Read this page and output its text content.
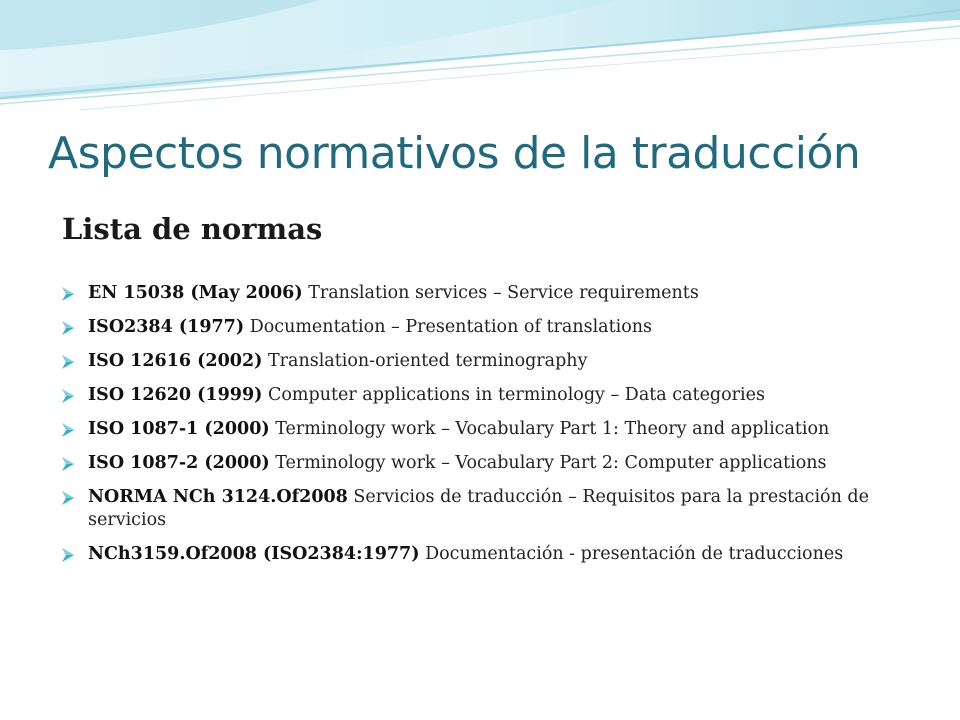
Aspectos normativos de la traducción
Lista de normas
EN 15038 (May 2006) Translation services – Service requirements
ISO2384 (1977) Documentation – Presentation of translations
ISO 12616 (2002) Translation-oriented terminography
ISO 12620 (1999) Computer applications in terminology – Data categories
ISO 1087-1 (2000) Terminology work – Vocabulary Part 1: Theory and application
ISO 1087-2 (2000) Terminology work – Vocabulary Part 2: Computer applications
NORMA NCh 3124.Of2008 Servicios de traducción – Requisitos para la prestación de servicios
NCh3159.Of2008 (ISO2384:1977) Documentación - presentación de traducciones
